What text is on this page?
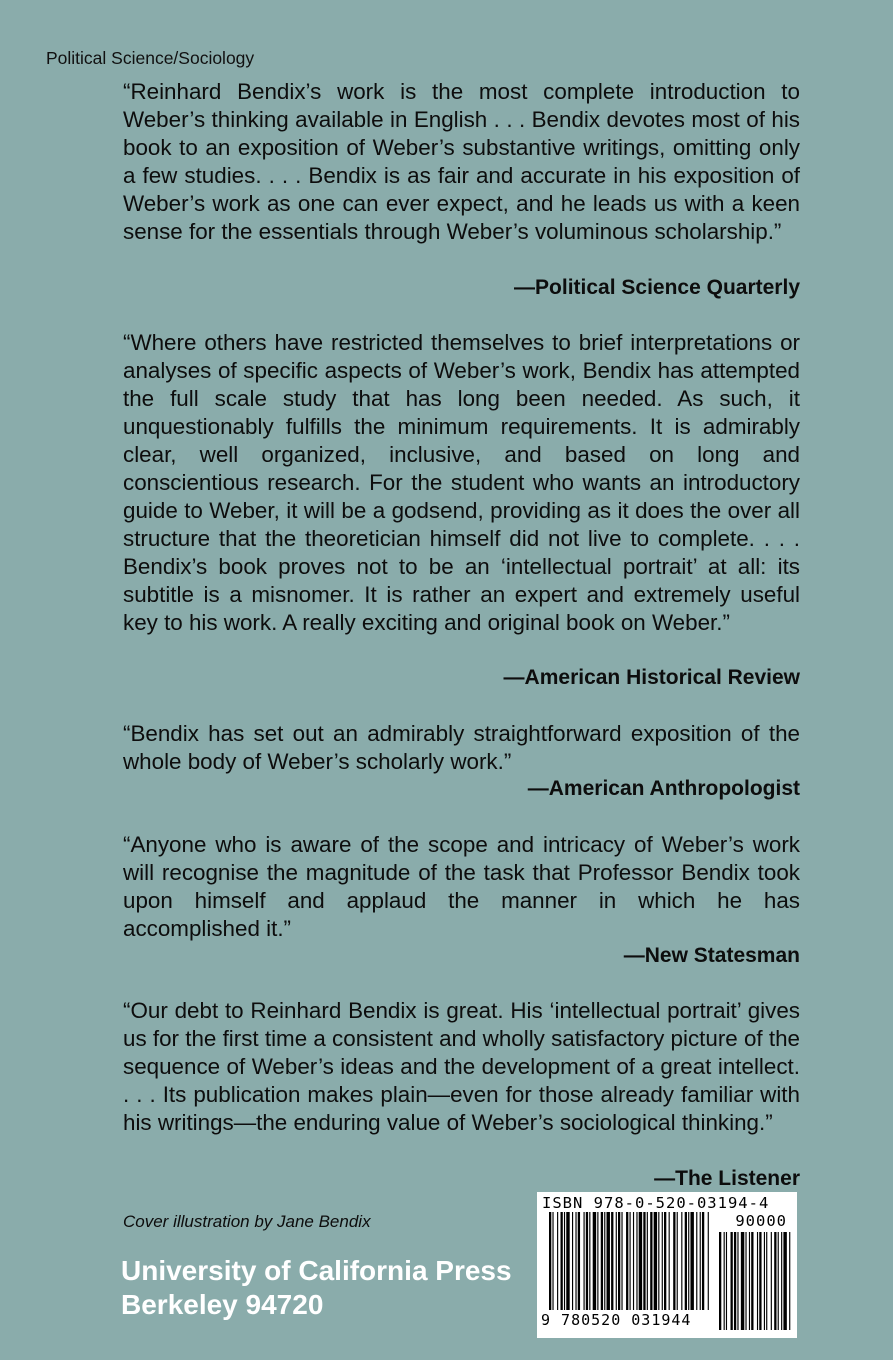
Political Science/Sociology

“Reinhard Bendix’s work is the most complete introduction to Weber’s thinking available in English . . . Bendix devotes most of his book to an exposition of Weber’s substantive writings, omitting only a few studies. . . . Bendix is as fair and accurate in his exposition of Weber’s work as one can ever expect, and he leads us with a keen sense for the essentials through Weber’s voluminous scholarship.”

—Political Science Quarterly

“Where others have restricted themselves to brief interpretations or analyses of specific aspects of Weber’s work, Bendix has attempted the full scale study that has long been needed. As such, it unquestionably fulfills the minimum requirements. It is admirably clear, well organized, inclusive, and based on long and conscientious research. For the student who wants an introductory guide to Weber, it will be a godsend, providing as it does the over all structure that the theoretician himself did not live to complete. . . . Bendix’s book proves not to be an ‘intellectual portrait’ at all: its subtitle is a misnomer. It is rather an expert and extremely useful key to his work. A really exciting and original book on Weber.”

—American Historical Review

“Bendix has set out an admirably straightforward exposition of the whole body of Weber’s scholarly work.”

—American Anthropologist

“Anyone who is aware of the scope and intricacy of Weber’s work will recognise the magnitude of the task that Professor Bendix took upon himself and applaud the manner in which he has accomplished it.”

—New Statesman

“Our debt to Reinhard Bendix is great. His ‘intellectual portrait’ gives us for the first time a consistent and wholly satisfactory picture of the sequence of Weber’s ideas and the development of a great intellect. . . . Its publication makes plain—even for those already familiar with his writings—the enduring value of Weber’s sociological thinking.”

—The Listener
Cover illustration by Jane Bendix
University of California Press
Berkeley 94720
ISBN 978-0-520-03194-4
90000
9 780520 031944
